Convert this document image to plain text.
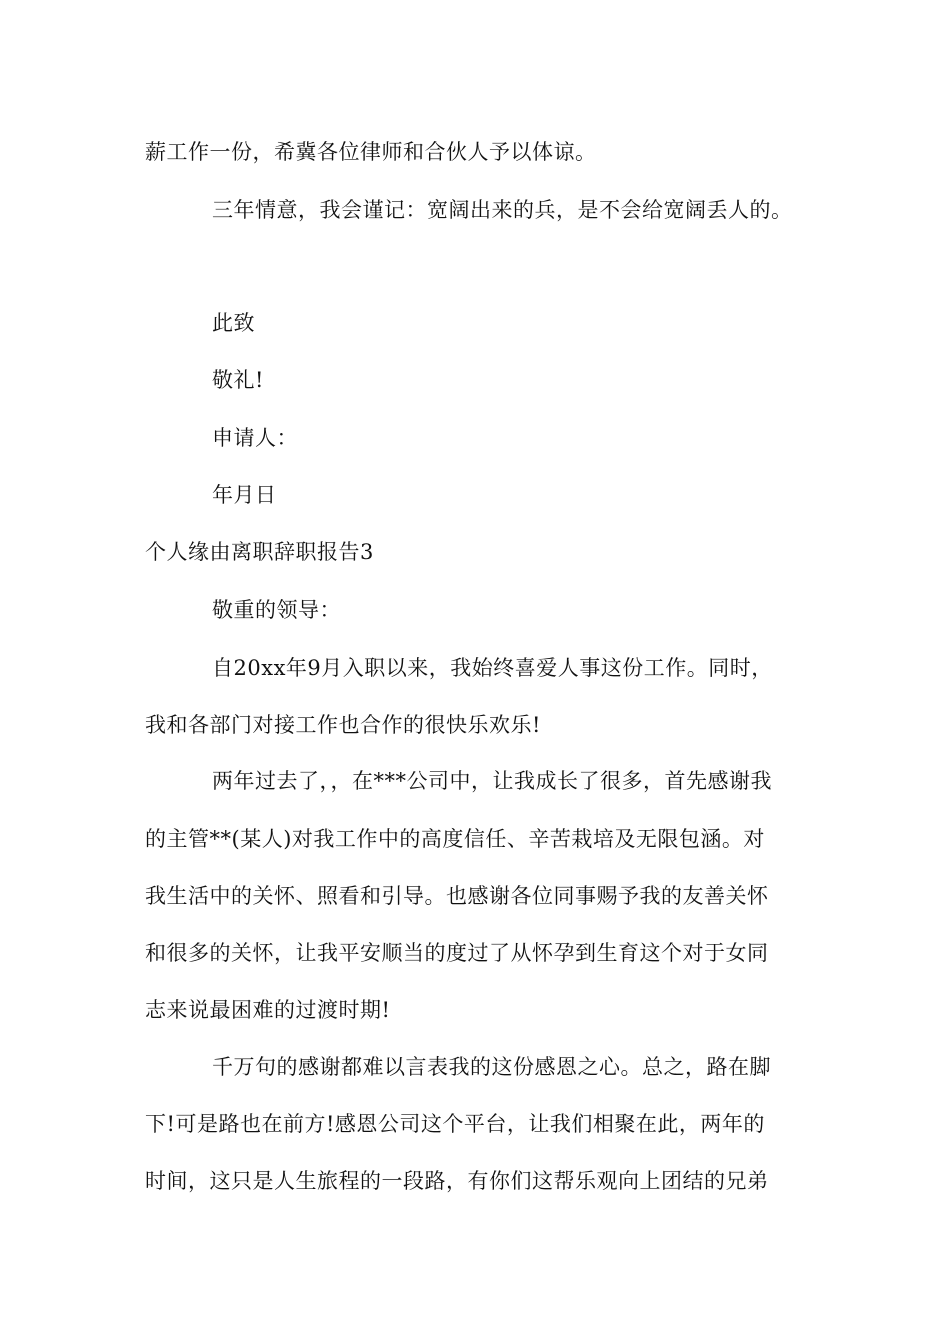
薪工作一份，希冀各位律师和合伙人予以体谅。
三年情意，我会谨记：宽阔出来的兵，是不会给宽阔丢人的。
此致
敬礼!
申请人：
年月日
个人缘由离职辞职报告3
敬重的领导：
自20xx年9月入职以来，我始终喜爱人事这份工作。同时，
我和各部门对接工作也合作的很快乐欢乐!
两年过去了，，在***公司中，让我成长了很多，首先感谢我
的主管**(某人)对我工作中的高度信任、辛苦栽培及无限包涵。对
我生活中的关怀、照看和引导。也感谢各位同事赐予我的友善关怀
和很多的关怀，让我平安顺当的度过了从怀孕到生育这个对于女同
志来说最困难的过渡时期!
千万句的感谢都难以言表我的这份感恩之心。总之，路在脚
下!可是路也在前方!感恩公司这个平台，让我们相聚在此，两年的
时间，这只是人生旅程的一段路，有你们这帮乐观向上团结的兄弟
